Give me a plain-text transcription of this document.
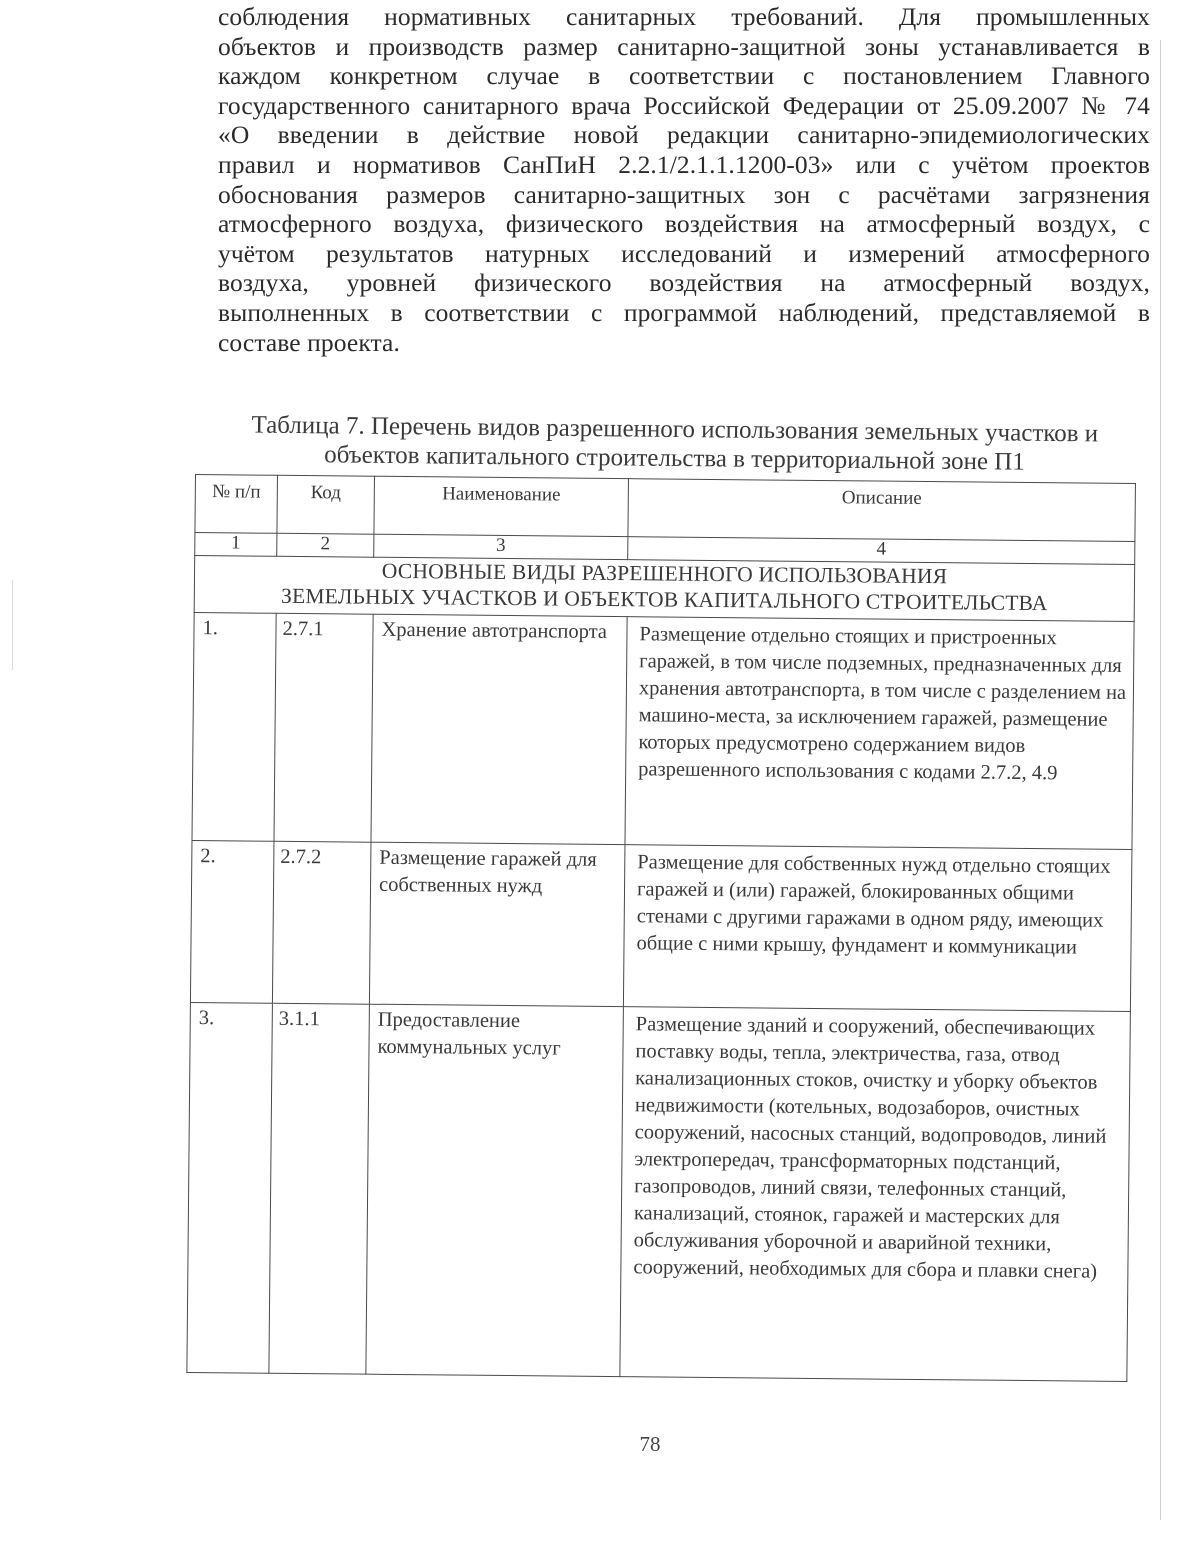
соблюдения нормативных санитарных требований. Для промышленных
объектов и производств размер санитарно-защитной зоны устанавливается в
каждом конкретном случае в соответствии с постановлением Главного
государственного санитарного врача Российской Федерации от 25.09.2007 № 74
«О введении в действие новой редакции санитарно-эпидемиологических
правил и нормативов СанПиН 2.2.1/2.1.1.1200-03» или с учётом проектов
обоснования размеров санитарно-защитных зон с расчётами загрязнения
атмосферного воздуха, физического воздействия на атмосферный воздух, с
учётом результатов натурных исследований и измерений атмосферного
воздуха, уровней физического воздействия на атмосферный воздух,
выполненных в соответствии с программой наблюдений, представляемой в
составе проекта.
Таблица 7. Перечень видов разрешенного использования земельных участков и
объектов капитального строительства в территориальной зоне П1
№ п/п	Код	Наименование	Описание
1	2	3	4

ОСНОВНЫЕ ВИДЫ РАЗРЕШЕННОГО ИСПОЛЬЗОВАНИЯ
ЗЕМЕЛЬНЫХ УЧАСТКОВ И ОБЪЕКТОВ КАПИТАЛЬНОГО СТРОИТЕЛЬСТВА			

1.	2.7.1	Хранение автотранспорта	Размещение отдельно стоящих и пристроенных гаражей, в том числе подземных, предназначенных для хранения автотранспорта, в том числе с разделением на машино-места, за исключением гаражей, размещение которых предусмотрено содержанием видов разрешенного использования с кодами 2.7.2, 4.9
2.	2.7.2	Размещение гаражей для собственных нужд	Размещение для собственных нужд отдельно стоящих гаражей и (или) гаражей, блокированных общими стенами с другими гаражами в одном ряду, имеющих общие с ними крышу, фундамент и коммуникации
3.	3.1.1	Предоставление коммунальных услуг	Размещение зданий и сооружений, обеспечивающих поставку воды, тепла, электричества, газа, отвод канализационных стоков, очистку и уборку объектов недвижимости (котельных, водозаборов, очистных сооружений, насосных станций, водопроводов, линий электропередач, трансформаторных подстанций, газопроводов, линий связи, телефонных станций, канализаций, стоянок, гаражей и мастерских для обслуживания уборочной и аварийной техники, сооружений, необходимых для сбора и плавки снега)
78
